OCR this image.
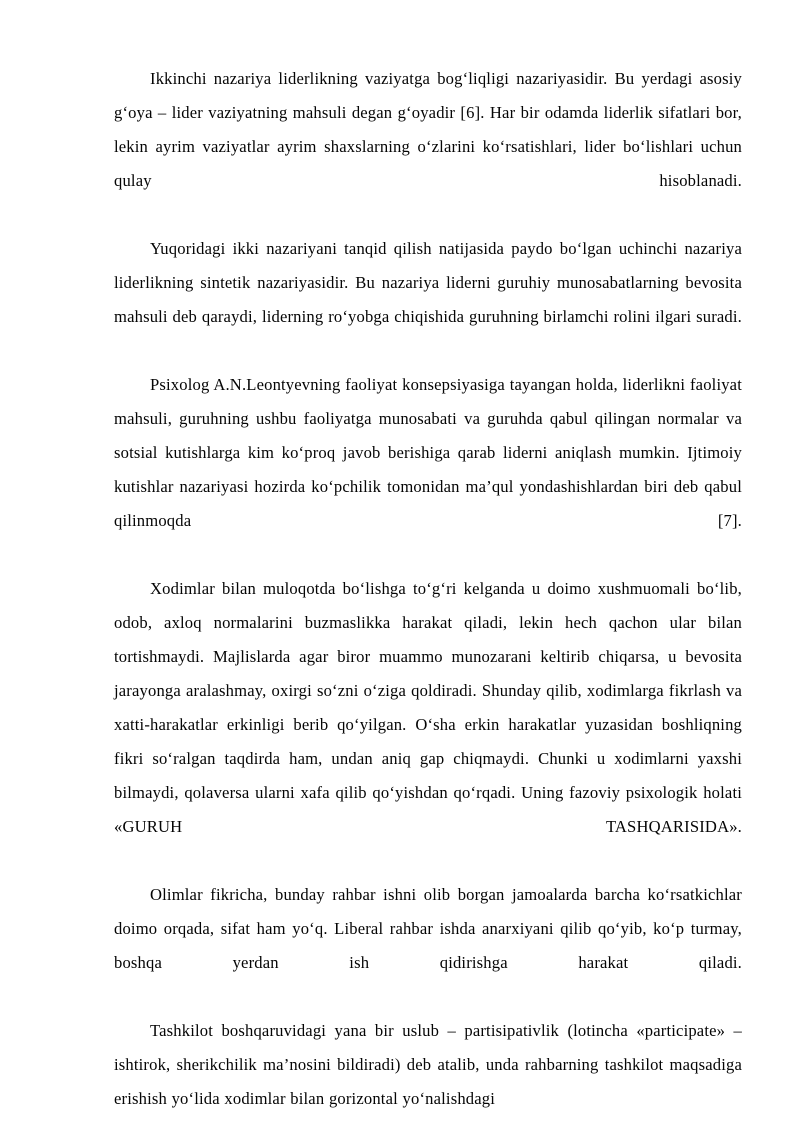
Ikkinchi nazariya liderlikning vaziyatga bogʻliqligi nazariyasidir. Bu yerdagi asosiy gʻoya – lider vaziyatning mahsuli degan gʻoyadir [6]. Har bir odamda liderlik sifatlari bor, lekin ayrim vaziyatlar ayrim shaxslarning oʻzlarini koʻrsatishlari, lider boʻlishlari uchun qulay hisoblanadi.

Yuqoridagi ikki nazariyani tanqid qilish natijasida paydo boʻlgan uchinchi nazariya liderlikning sintetik nazariyasidir. Bu nazariya liderni guruhiy munosabatlarning bevosita mahsuli deb qaraydi, liderning roʻyobga chiqishida guruhning birlamchi rolini ilgari suradi.

Psixolog A.N.Leontyevning faoliyat konsepsiyasiga tayangan holda, liderlikni faoliyat mahsuli, guruhning ushbu faoliyatga munosabati va guruhda qabul qilingan normalar va sotsial kutishlarga kim koʻproq javob berishiga qarab liderni aniqlash mumkin. Ijtimoiy kutishlar nazariyasi hozirda koʻpchilik tomonidan ma’qul yondashishlardan biri deb qabul qilinmoqda [7].

Xodimlar bilan muloqotda boʻlishga toʻgʻri kelganda u doimo xushmuomali boʻlib, odob, axloq normalarini buzmaslikka harakat qiladi, lekin hech qachon ular bilan tortishmaydi. Majlislarda agar biror muammo munozarani keltirib chiqarsa, u bevosita jarayonga aralashmay, oxirgi so‘zni o‘ziga qoldiradi. Shunday qilib, xodimlarga fikrlash va xatti-harakatlar erkinligi berib qoʻyilgan. Oʻsha erkin harakatlar yuzasidan boshliqning fikri soʻralgan taqdirda ham, undan aniq gap chiqmaydi. Chunki u xodimlarni yaxshi bilmaydi, qolaversa ularni xafa qilib qoʻyishdan qoʻrqadi. Uning fazoviy psixologik holati «GURUH TASHQARISIDA».

Olimlar fikricha, bunday rahbar ishni olib borgan jamoalarda barcha koʻrsatkichlar doimo orqada, sifat ham yoʻq. Liberal rahbar ishda anarxiyani qilib qoʻyib, koʻp turmay, boshqa yerdan ish qidirishga harakat qiladi.

Tashkilot boshqaruvidagi yana bir uslub – partisipativlik (lotincha «participate» – ishtirok, sherikchilik ma’nosini bildiradi) deb atalib, unda rahbarning tashkilot maqsadiga erishish yoʻlida xodimlar bilan gorizontal yoʻnalishdagi
